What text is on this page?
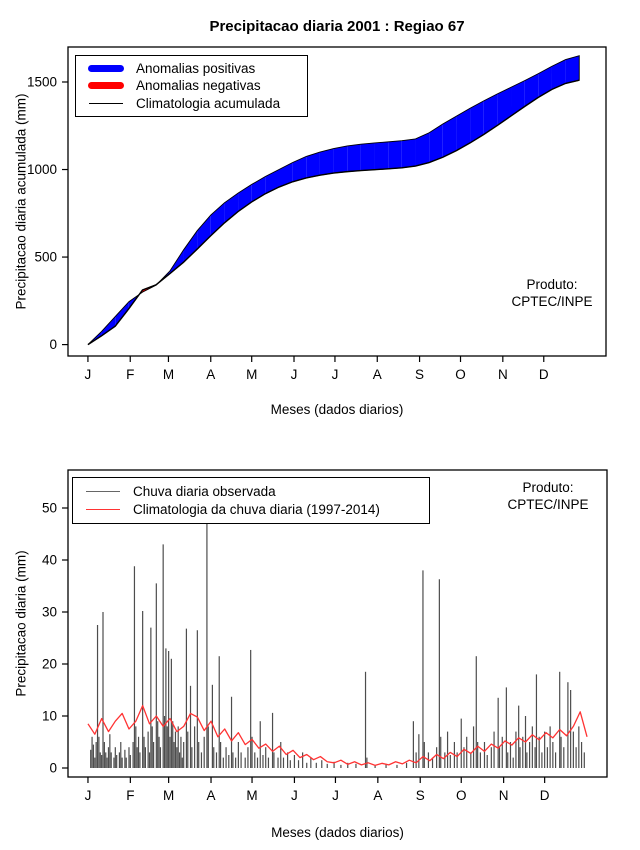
J	F M A M J	J	A S O N D
0
500
1000
1500
J	F M A M J	J	A S O N D
0
10
20
30
40
50
Precipitacao diaria 2001 : Regiao 67
Precipitacao diaria acumulada (mm)
Meses (dados diarios)
Anomalias positivas
Anomalias negativas
Climatologia acumulada
Produto:
CPTEC/INPE
Precipitacao diaria (mm)
Meses (dados diarios)
Chuva diaria observada
Climatologia da chuva diaria (1997-2014)
Produto:
CPTEC/INPE
